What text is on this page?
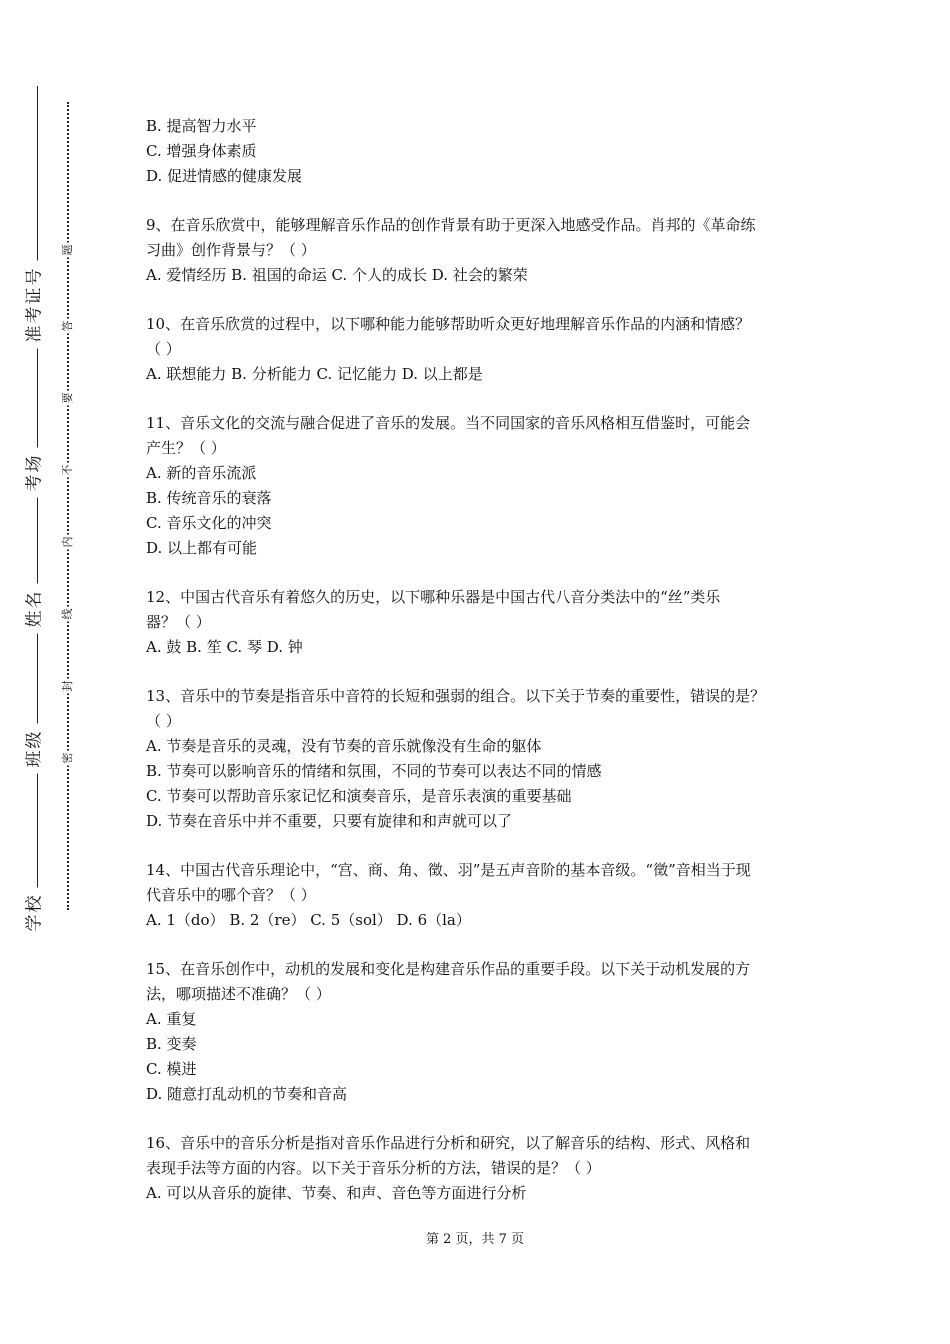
准考证号
考场
姓名
班级
学校
题
答
要
不
内
线
封
密
B. 提高智力水平
C. 增强身体素质
D. 促进情感的健康发展
9、在音乐欣赏中，能够理解音乐作品的创作背景有助于更深入地感受作品。肖邦的《革命练
习曲》创作背景与？（ ）
A. 爱情经历 B. 祖国的命运 C. 个人的成长 D. 社会的繁荣
10、在音乐欣赏的过程中，以下哪种能力能够帮助听众更好地理解音乐作品的内涵和情感？
（ ）
A. 联想能力 B. 分析能力 C. 记忆能力 D. 以上都是
11、音乐文化的交流与融合促进了音乐的发展。当不同国家的音乐风格相互借鉴时，可能会
产生？（ ）
A. 新的音乐流派
B. 传统音乐的衰落
C. 音乐文化的冲突
D. 以上都有可能
12、中国古代音乐有着悠久的历史，以下哪种乐器是中国古代八音分类法中的“丝”类乐
器？（ ）
A. 鼓 B. 笙 C. 琴 D. 钟
13、音乐中的节奏是指音乐中音符的长短和强弱的组合。以下关于节奏的重要性，错误的是？
（ ）
A. 节奏是音乐的灵魂，没有节奏的音乐就像没有生命的躯体
B. 节奏可以影响音乐的情绪和氛围，不同的节奏可以表达不同的情感
C. 节奏可以帮助音乐家记忆和演奏音乐，是音乐表演的重要基础
D. 节奏在音乐中并不重要，只要有旋律和和声就可以了
14、中国古代音乐理论中，“宫、商、角、徵、羽”是五声音阶的基本音级。“徵”音相当于现
代音乐中的哪个音？（ ）
A. 1（do） B. 2（re） C. 5（sol） D. 6（la）
15、在音乐创作中，动机的发展和变化是构建音乐作品的重要手段。以下关于动机发展的方
法，哪项描述不准确？（ ）
A. 重复
B. 变奏
C. 模进
D. 随意打乱动机的节奏和音高
16、音乐中的音乐分析是指对音乐作品进行分析和研究，以了解音乐的结构、形式、风格和
表现手法等方面的内容。以下关于音乐分析的方法，错误的是？（ ）
A. 可以从音乐的旋律、节奏、和声、音色等方面进行分析
第 2 页，共 7 页
